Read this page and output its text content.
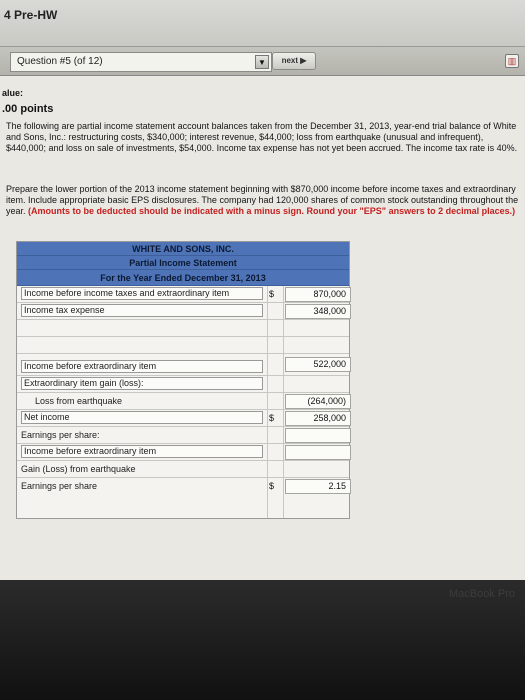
4 Pre-HW
Question #5 (of 12)	▼	next ▶	▥
alue:
.00 points
The following are partial income statement account balances taken from the December 31, 2013, year-end trial balance of White and Sons, Inc.: restructuring costs, $340,000; interest revenue, $44,000; loss from earthquake (unusual and infrequent), $440,000; and loss on sale of investments, $54,000. Income tax expense has not yet been accrued. The income tax rate is 40%.
Prepare the lower portion of the 2013 income statement beginning with $870,000 income before income taxes and extraordinary item. Include appropriate basic EPS disclosures. The company had 120,000 shares of common stock outstanding throughout the year. (Amounts to be deducted should be indicated with a minus sign. Round your "EPS" answers to 2 decimal places.)
WHITE AND SONS, INC.
Partial Income Statement
For the Year Ended December 31, 2013
Income before income taxes and extraordinary item	$	870,000
Income tax expense	348,000
Income before extraordinary item	522,000
Extraordinary item gain (loss):
Loss from earthquake	(264,000)
Net income	$	258,000
Earnings per share:
Income before extraordinary item
Gain (Loss) from earthquake
Earnings per share	$	2.15
MacBook Pro
